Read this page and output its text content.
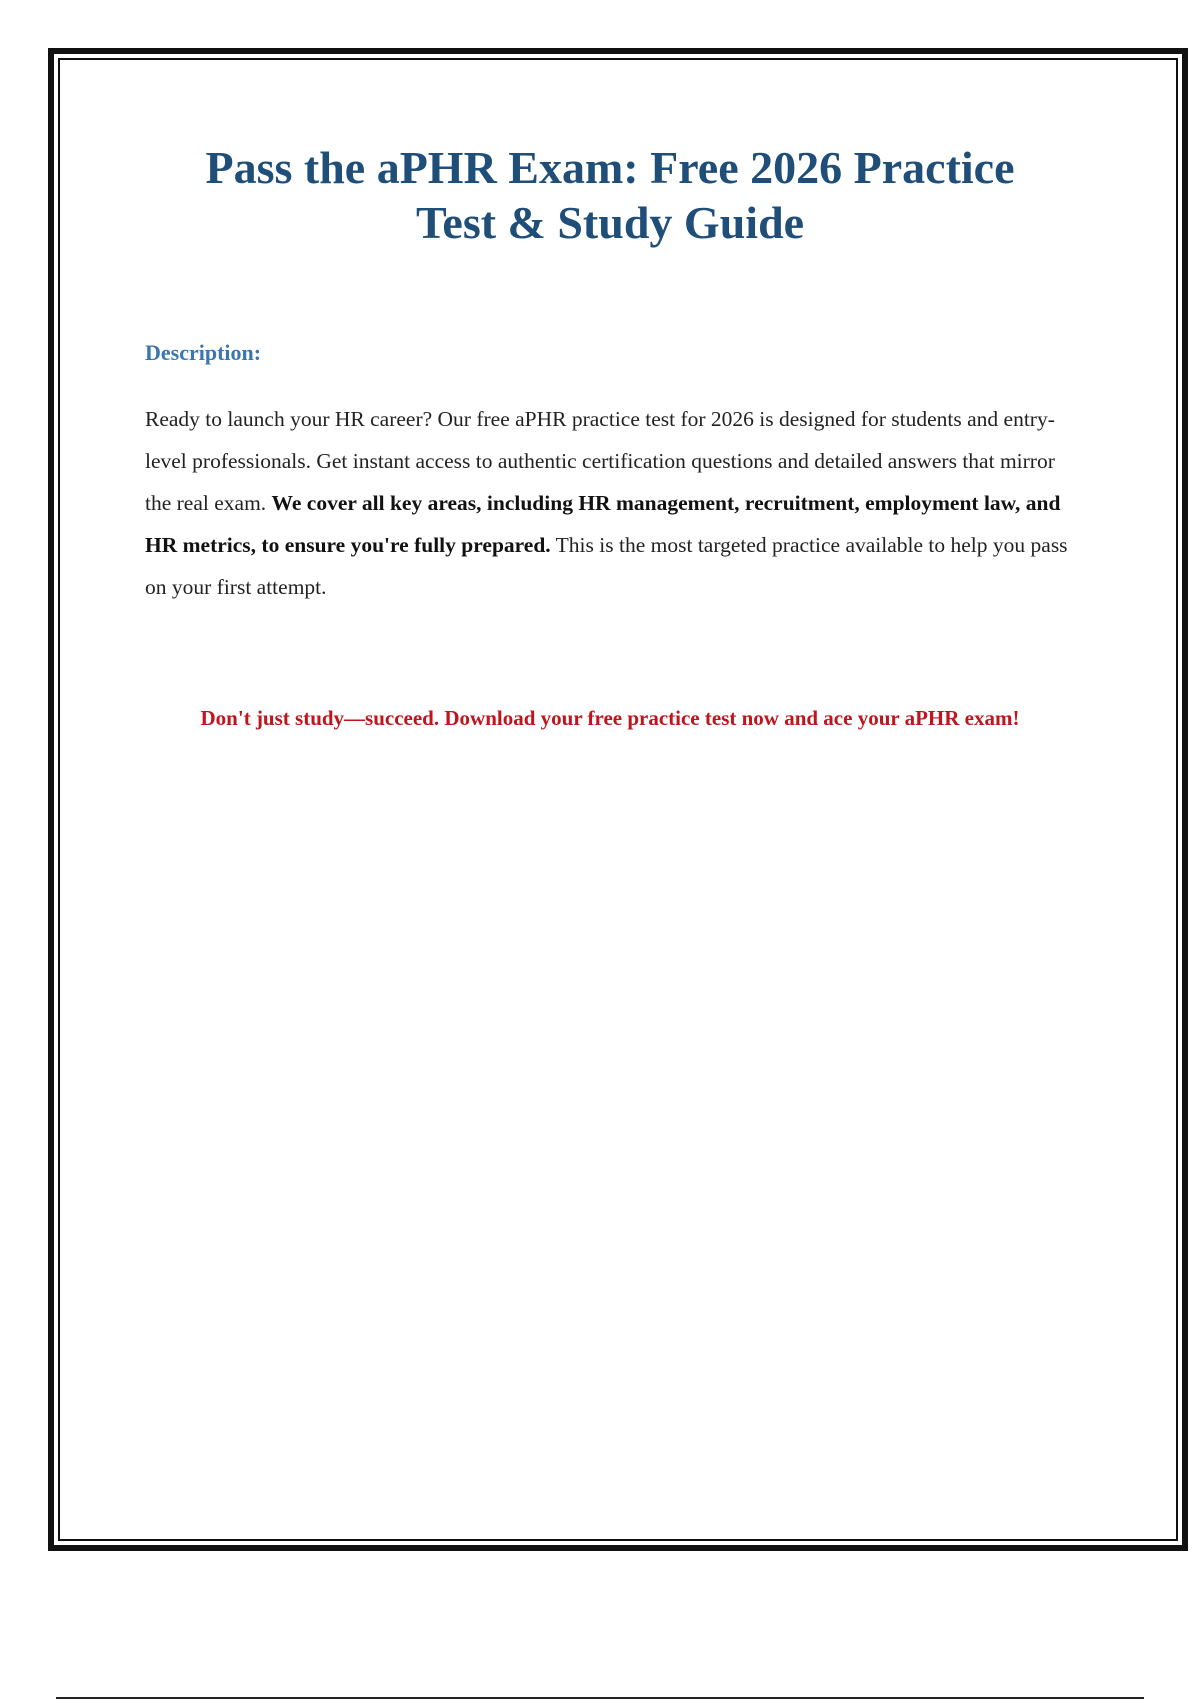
Pass the aPHR Exam: Free 2026 Practice Test & Study Guide

Description:

Ready to launch your HR career? Our free aPHR practice test for 2026 is designed for students and entry-level professionals. Get instant access to authentic certification questions and detailed answers that mirror the real exam. We cover all key areas, including HR management, recruitment, employment law, and HR metrics, to ensure you're fully prepared. This is the most targeted practice available to help you pass on your first attempt.

Don't just study—succeed. Download your free practice test now and ace your aPHR exam!
